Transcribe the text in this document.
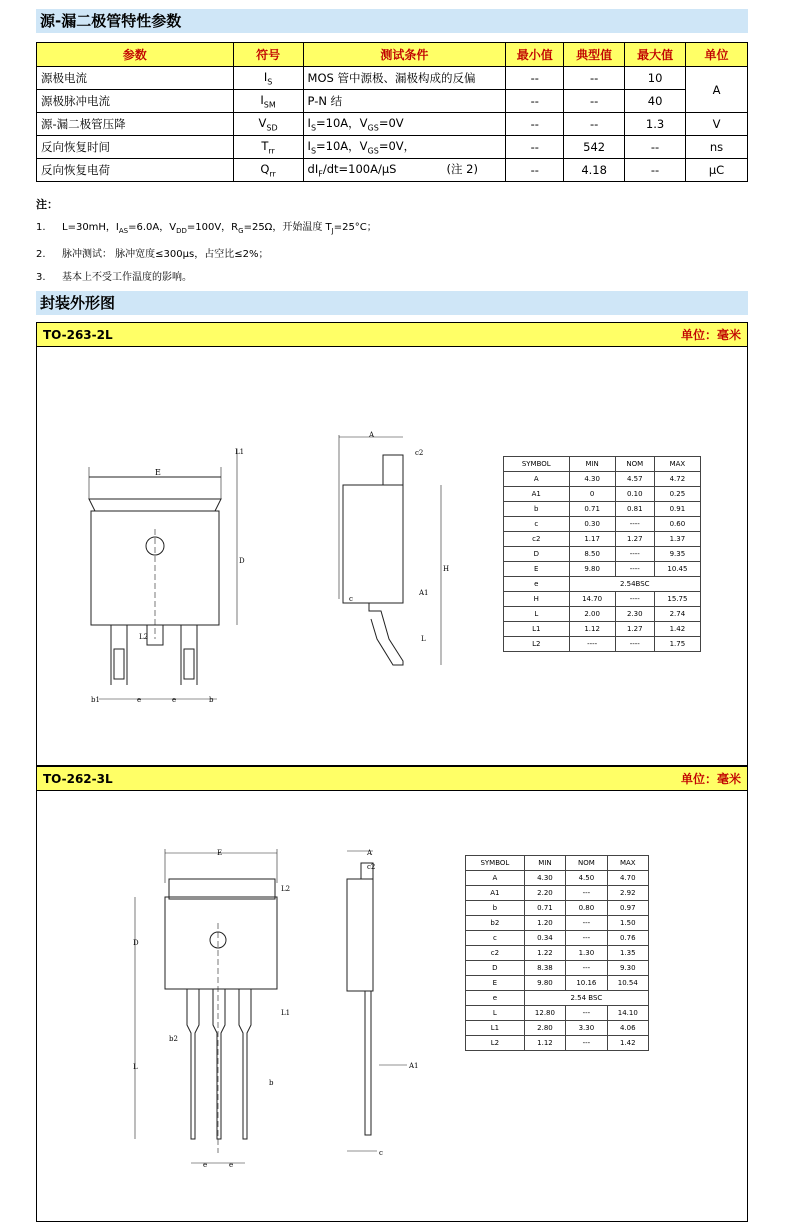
源-漏二极管特性参数
参数	符号	测试条件	最小值	典型值	最大值	单位
源极电流	$I_S$	MOS 管中源极、漏极构成的反偏	--	--	10	A
源极脉冲电流	$I_{SM}$	P-N 结	--	--	40	
源-漏二极管压降	$V_{SD}$	$I_S=10A$，$V_{GS}=0V$	--	--	1.3	V
反向恢复时间	$T_{rr}$	$I_S=10A$，$V_{GS}=0V$，	--	542	--	ns
反向恢复电荷	$Q_{rr}$	$dI_F/dt=100A/\mu S$ (注 2)	--	4.18	--	μC
注：
1. L=30mH，$I_{AS}=6.0A$，$V_{DD}=100V$，$R_G=25\Omega$，开始温度 $T_J=25^\circ C$；
2. 脉冲测试： 脉冲宽度≤300μs，占空比≤2%；
3. 基本上不受工作温度的影响。
封装外形图
TO-263-2L	单位：毫米
E
D
L1
L2
b1	e	e	b
A
c2
H
c
A1
L
SYMBOL	MIN	NOM	MAX
A	4.30	4.57	4.72
A1	0	0.10	0.25
b	0.71	0.81	0.91
c	0.30	----	0.60
c2	1.17	1.27	1.37
D	8.50	----	9.35
E	9.80	----	10.45
e	2.54BSC		
H	14.70	----	15.75
L	2.00	2.30	2.74
L1	1.12	1.27	1.42
L2	----	----	1.75
TO-262-3L	单位：毫米
E
L2
D
L
L1
b2
b
e	e
A
c2
A1
c
SYMBOL	MIN	NOM	MAX
A	4.30	4.50	4.70
A1	2.20	---	2.92
b	0.71	0.80	0.97
b2	1.20	---	1.50
c	0.34	---	0.76
c2	1.22	1.30	1.35
D	8.38	---	9.30
E	9.80	10.16	10.54
e	2.54 BSC		
L	12.80	---	14.10
L1	2.80	3.30	4.06
L2	1.12	---	1.42
